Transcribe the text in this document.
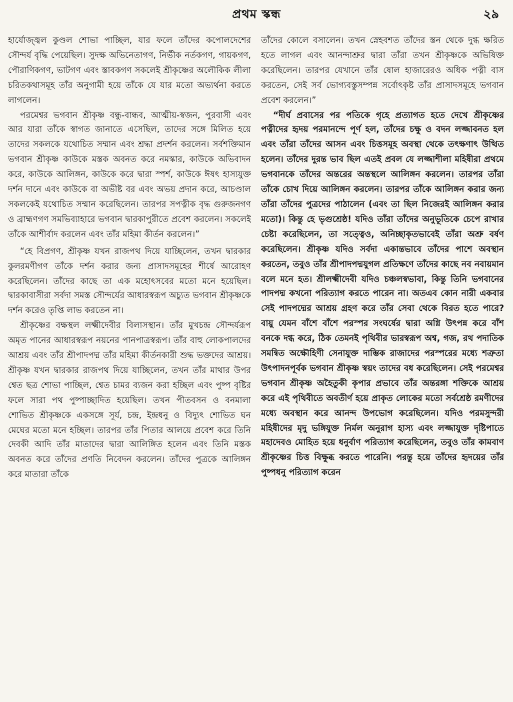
প্রথম স্কন্ধ	২৯

হার্যোজ্জ্বল কুণ্ডল শোভা পাচ্ছিল, যার ফলে তাঁদের কপোলদেশের সৌন্দর্য বৃদ্ধি পেয়েছিল। সুদক্ষ অভিনেতাগণ, নির্ভীক নর্তকগণ, গায়কগণ, পৌরাণিকগণ, ভাটগণ এবং স্তাবকগণ সকলেই শ্রীকৃষ্ণের অলৌকিক লীলা চরিতকথাসমূহ তাঁর অনুগামী হয়ে তাঁকে যে যার মতো অভ্যর্থনা করতে লাগলেন।

পরমেশ্বর ভগবান শ্রীকৃষ্ণ বন্ধু-বান্ধব, আত্মীয়-স্বজন, পুরবাসী এবং আর যারা তাঁকে স্বাগত জানাতে এসেছিল, তাদের সঙ্গে মিলিত হয়ে তাদের সকলকে যথোচিত সম্মান এবং শ্রদ্ধা প্রদর্শন করলেন। সর্বশক্তিমান ভগবান শ্রীকৃষ্ণ কাউকে মস্তক অবনত করে নমস্কার, কাউকে অভিবাদন করে, কাউকে আলিঙ্গন, কাউকে করে দ্বারা স্পর্শ, কাউকে ঈষৎ হাস্যযুক্ত দর্শন দানে এবং কাউকে বা অভীষ্ট বর এবং অভয় প্রদান করে, আচণ্ডাল সকলকেই যথোচিত সম্মান করেছিলেন। তারপর সপত্নীক বৃদ্ধ গুরুজনগণ ও ব্রাহ্মণগণ সমভিব্যাহারে ভগবান দ্বারকাপুরীতে প্রবেশ করলেন। সকলেই তাঁকে আশীর্বাদ করলেন এবং তাঁর মহিমা কীর্তন করলেন।”

“হে বিপ্রগণ, শ্রীকৃষ্ণ যখন রাজপথ দিয়ে যাচ্ছিলেন, তখন দ্বারকার কুলরমণীগণ তাঁকে দর্শন করার জন্য প্রাসাদসমূহের শীর্ষে আরোহণ করেছিলেন। তাঁদের কাছে তা এক মহোৎসবের মতো মনে হয়েছিল। দ্বারকাবাসীরা সর্বদা সমস্ত সৌন্দর্যের আধারস্বরূপ অচ্যুত ভগবান শ্রীকৃষ্ণকে দর্শন করেও তৃপ্তি লাভ করতেন না।

শ্রীকৃষ্ণের বক্ষস্থল লক্ষ্মীদেবীর বিলাসস্থান। তাঁর মুখচন্দ্র সৌন্দর্যরূপ অমৃত পানের আধারস্বরূপ নয়নের পানপাত্রস্বরূপ। তাঁর বাহু লোকপালদের আশ্রয় এবং তাঁর শ্রীপাদপদ্ম তাঁর মহিমা কীর্তনকারী শুদ্ধ ভক্তদের আশ্রয়। শ্রীকৃষ্ণ যখন দ্বারকার রাজপথ দিয়ে যাচ্ছিলেন, তখন তাঁর মাথার উপর শ্বেত ছত্র শোভা পাচ্ছিল, শ্বেত চামর ব্যজন করা হচ্ছিল এবং পুষ্প বৃষ্টির ফলে সারা পথ পুষ্পাচ্ছাদিত হয়েছিল। তখন পীতবসন ও বনমালা শোভিত শ্রীকৃষ্ণকে একসঙ্গে সূর্য, চন্দ্র, ইন্দ্রধনু ও বিদ্যুৎ শোভিত ঘন মেঘের মতো মনে হচ্ছিল। তারপর তাঁর পিতার আলয়ে প্রবেশ করে তিনি দেবকী আদি তাঁর মাতাদের দ্বারা আলিঙ্গিত হলেন এবং তিনি মস্তক অবনত করে তাঁদের প্রণতি নিবেদন করলেন। তাঁদের পুত্রকে আলিঙ্গন করে মাতারা তাঁকে

তাঁদের কোলে বসালেন। তখন স্নেহবশত তাঁদের স্তন থেকে দুগ্ধ ক্ষরিত হতে লাগল এবং আনন্দাশ্রুর দ্বারা তাঁরা তখন শ্রীকৃষ্ণকে অভিষিক্ত করেছিলেন। তারপর যেখানে তাঁর ষোল হাজারেরও অধিক পত্নী বাস করতেন, সেই সর্ব ভোগ্যবস্তুসম্পন্ন সর্বোৎকৃষ্ট তাঁর প্রাসাদসমূহে ভগবান প্রবেশ করলেন।”

“দীর্ঘ প্রবাসের পর পতিকে গৃহে প্রত্যাগত হতে দেখে শ্রীকৃষ্ণের পত্নীদের হৃদয় পরমানন্দে পূর্ণ হল, তাঁদের চক্ষু ও বদন লজ্জাবনত হল এবং তাঁরা তাঁদের আসন এবং চিত্তসমূহ অবস্থা থেকে তৎক্ষণাৎ উত্থিত হলেন। তাঁদের দুরন্ত ভাব ছিল এতই প্রবল যে লজ্জাশীলা মহিষীরা প্রথমে ভগবানকে তাঁদের অন্তরের অন্তস্থলে আলিঙ্গন করলেন। তারপর তাঁরা তাঁকে চোখ দিয়ে আলিঙ্গন করলেন। তারপর তাঁকে আলিঙ্গন করার জন্য তাঁরা তাঁদের পুত্রদের পাঠালেন (এবং তা ছিল নিজেরই আলিঙ্গন করার মতো)। কিন্তু হে ভৃগুশ্রেষ্ঠ! যদিও তাঁরা তাঁদের অনুভূতিকে চেপে রাখার চেষ্টা করেছিলেন, তা সত্ত্বেও, অনিচ্ছাকৃতভাবেই তাঁরা অশ্রু বর্ষণ করেছিলেন। শ্রীকৃষ্ণ যদিও সর্বদা একান্তভাবে তাঁদের পাশে অবস্থান করতেন, তবুও তাঁর শ্রীপাদপদ্মযুগল প্রতিক্ষণে তাঁদের কাছে নব নবায়মান বলে মনে হত। শ্রীলক্ষ্মীদেবী যদিও চঞ্চলস্বভাবা, কিন্তু তিনি ভগবানের পাদপদ্ম কখনো পরিত্যাগ করতে পারেন না। অতএব কোন নারী একবার সেই পাদপদ্মের আশ্রয় গ্রহণ করে তাঁর সেবা থেকে বিরত হতে পারে? বায়ু যেমন বাঁশে বাঁশে পরস্পর সংঘর্ষের দ্বারা অগ্নি উৎপন্ন করে বাঁশ বনকে দগ্ধ করে, ঠিক তেমনই পৃথিবীর ভারস্বরূপ অশ্ব, গজ, রথ পদাতিক সমন্বিত অক্ষৌহিণী সেনাযুক্ত দাম্ভিক রাজাদের পরস্পরের মধ্যে শত্রুতা উৎপাদনপূর্বক ভগবান শ্রীকৃষ্ণ স্বয়ং তাদের বধ করেছিলেন। সেই পরমেশ্বর ভগবান শ্রীকৃষ্ণ অহৈতুকী কৃপার প্রভাবে তাঁর অন্তরঙ্গা শক্তিকে আশ্রয় করে এই পৃথিবীতে অবতীর্ণ হয়ে প্রাকৃত লোকের মতো সর্বশ্রেষ্ঠ রমণীদের মধ্যে অবস্থান করে আনন্দ উপভোগ করেছিলেন। যদিও পরমসুন্দরী মহিষীদের মৃদু ভঙ্গিযুক্ত নির্মল অনুরাগ হাস্য এবং লজ্জাযুক্ত দৃষ্টিপাতে মহাদেবও মোহিত হয়ে ধনুর্বাণ পরিত্যাগ করেছিলেন, তবুও তাঁর কামবাণ শ্রীকৃষ্ণের চিত্ত বিক্ষুব্ধ করতে পারেনি। পরন্তু হয়ে তাঁদের হৃদয়ের তাঁর পুষ্পধনু পরিত্যাগ করেন
